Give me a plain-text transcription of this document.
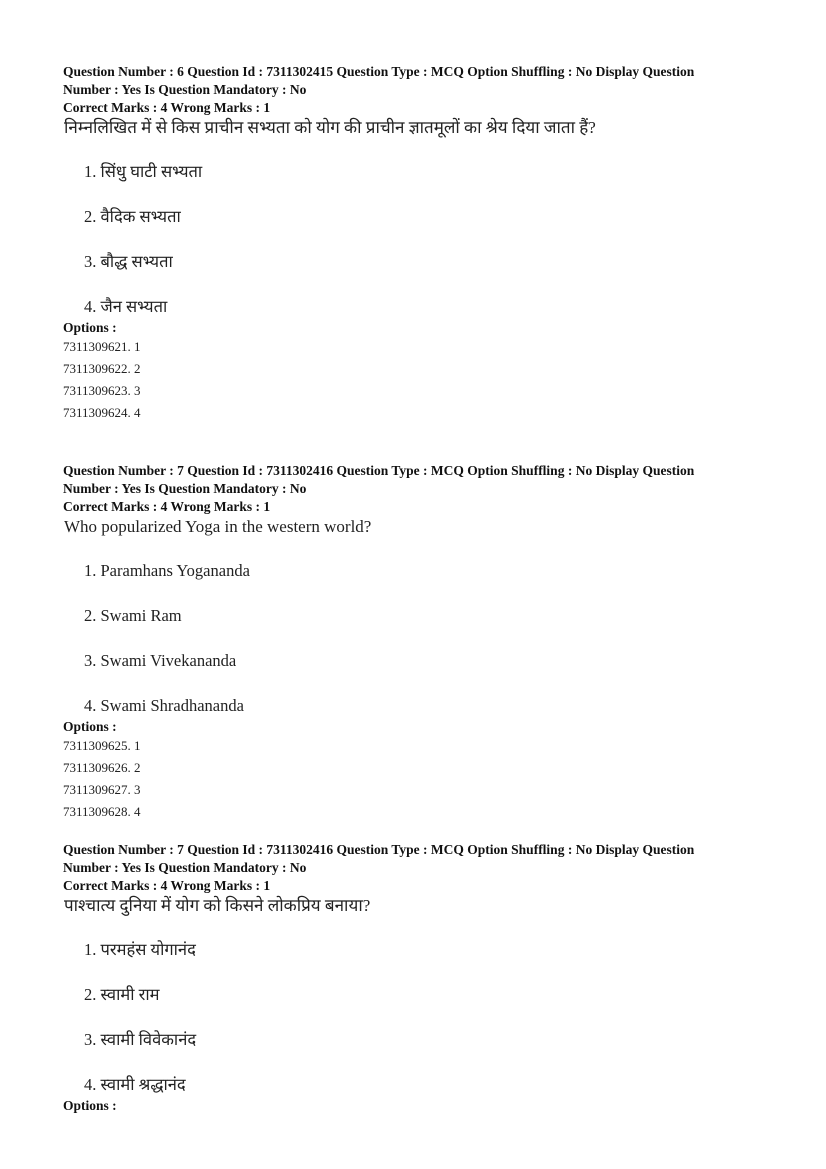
Question Number : 6 Question Id : 7311302415 Question Type : MCQ Option Shuffling : No Display Question

Number : Yes Is Question Mandatory : No

Correct Marks : 4 Wrong Marks : 1

निम्नलिखित में से किस प्राचीन सभ्यता को योग की प्राचीन ज्ञातमूलों का श्रेय दिया जाता हैं?

1. सिंधु घाटी सभ्यता
2. वैदिक सभ्यता
3. बौद्ध सभ्यता
4. जैन सभ्यता
Options :

7311309621. 1

7311309622. 2

7311309623. 3

7311309624. 4

Question Number : 7 Question Id : 7311302416 Question Type : MCQ Option Shuffling : No Display Question

Number : Yes Is Question Mandatory : No

Correct Marks : 4 Wrong Marks : 1

Who popularized Yoga in the western world?

1. Paramhans Yogananda
2. Swami Ram
3. Swami Vivekananda
4. Swami Shradhananda
Options :

7311309625. 1

7311309626. 2

7311309627. 3

7311309628. 4

Question Number : 7 Question Id : 7311302416 Question Type : MCQ Option Shuffling : No Display Question

Number : Yes Is Question Mandatory : No

Correct Marks : 4 Wrong Marks : 1

पाश्चात्य दुनिया में योग को किसने लोकप्रिय बनाया?

1. परमहंस योगानंद
2. स्वामी राम
3. स्वामी विवेकानंद
4. स्वामी श्रद्धानंद
Options :
